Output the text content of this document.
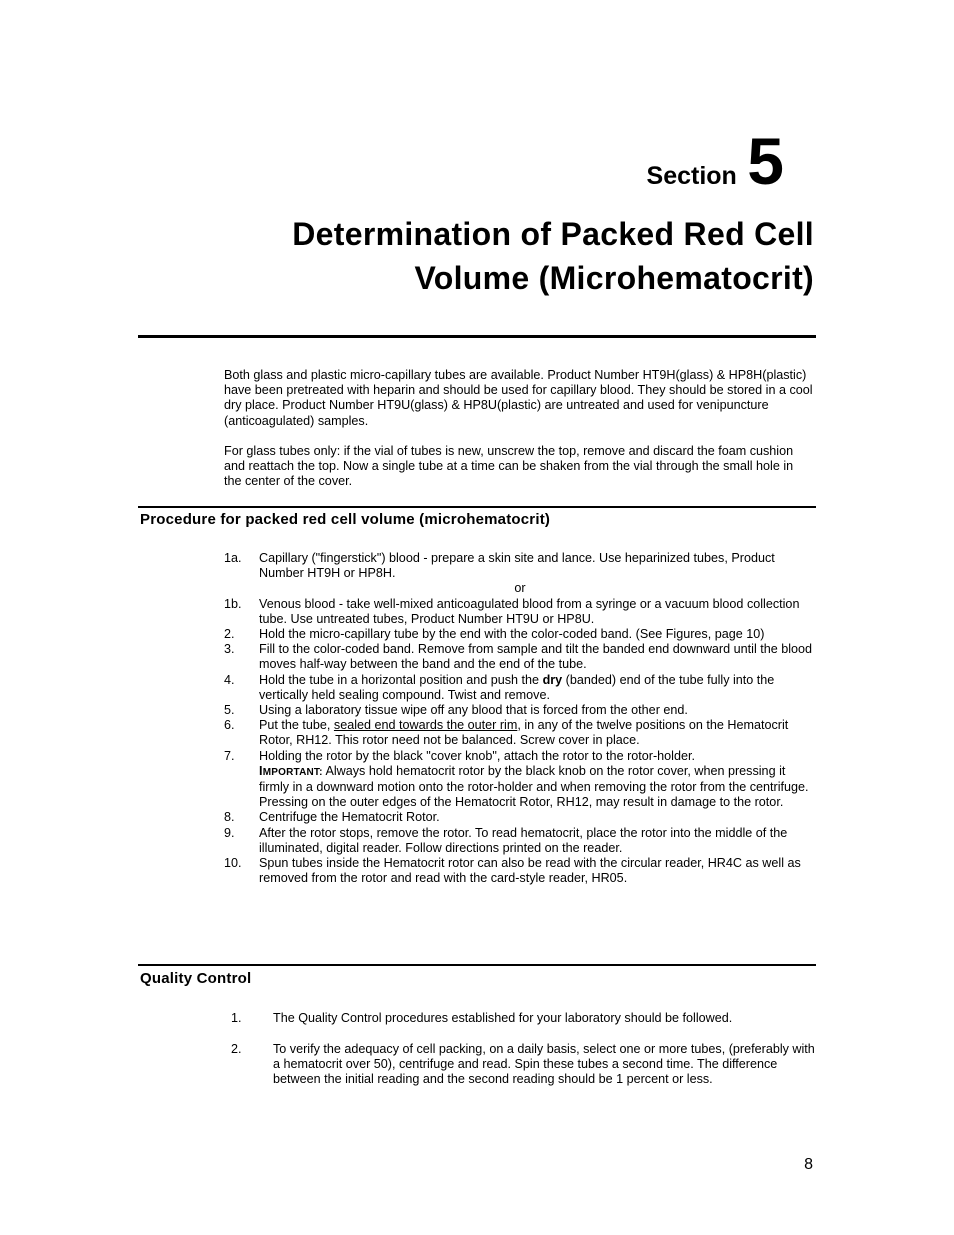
Section 5
Determination of Packed Red Cell
Volume (Microhematocrit)
Both glass and plastic micro-capillary tubes are available. Product Number HT9H(glass) & HP8H(plastic) have been pretreated with heparin and should be used for capillary blood. They should be stored in a cool dry place. Product Number HT9U(glass) & HP8U(plastic) are untreated and used for venipuncture (anticoagulated) samples.
For glass tubes only: if the vial of tubes is new, unscrew the top, remove and discard the foam cushion and reattach the top. Now a single tube at a time can be shaken from the vial through the small hole in the center of the cover.
Procedure for packed red cell volume (microhematocrit)
1a.	Capillary ("fingerstick") blood - prepare a skin site and lance. Use heparinized tubes, Product Number HT9H or HP8H.
or
1b.	Venous blood - take well-mixed anticoagulated blood from a syringe or a vacuum blood collection tube. Use untreated tubes, Product Number HT9U or HP8U.
2.	Hold the micro-capillary tube by the end with the color-coded band. (See Figures, page 10)
3.	Fill to the color-coded band. Remove from sample and tilt the banded end downward until the blood moves half-way between the band and the end of the tube.
4.	Hold the tube in a horizontal position and push the dry (banded) end of the tube fully into the vertically held sealing compound. Twist and remove.
5.	Using a laboratory tissue wipe off any blood that is forced from the other end.
6.	Put the tube, sealed end towards the outer rim, in any of the twelve positions on the Hematocrit Rotor, RH12. This rotor need not be balanced. Screw cover in place.
7.	Holding the rotor by the black "cover knob", attach the rotor to the rotor-holder.
IMPORTANT: Always hold hematocrit rotor by the black knob on the rotor cover, when pressing it firmly in a downward motion onto the rotor-holder and when removing the rotor from the centrifuge. Pressing on the outer edges of the Hematocrit Rotor, RH12, may result in damage to the rotor.
8.	Centrifuge the Hematocrit Rotor.
9.	After the rotor stops, remove the rotor. To read hematocrit, place the rotor into the middle of the illuminated, digital reader. Follow directions printed on the reader.
10.	Spun tubes inside the Hematocrit rotor can also be read with the circular reader, HR4C as well as removed from the rotor and read with the card-style reader, HR05.
Quality Control
1.	The Quality Control procedures established for your laboratory should be followed.
2.	To verify the adequacy of cell packing, on a daily basis, select one or more tubes, (preferably with a hematocrit over 50), centrifuge and read. Spin these tubes a second time. The difference between the initial reading and the second reading should be 1 percent or less.
8
